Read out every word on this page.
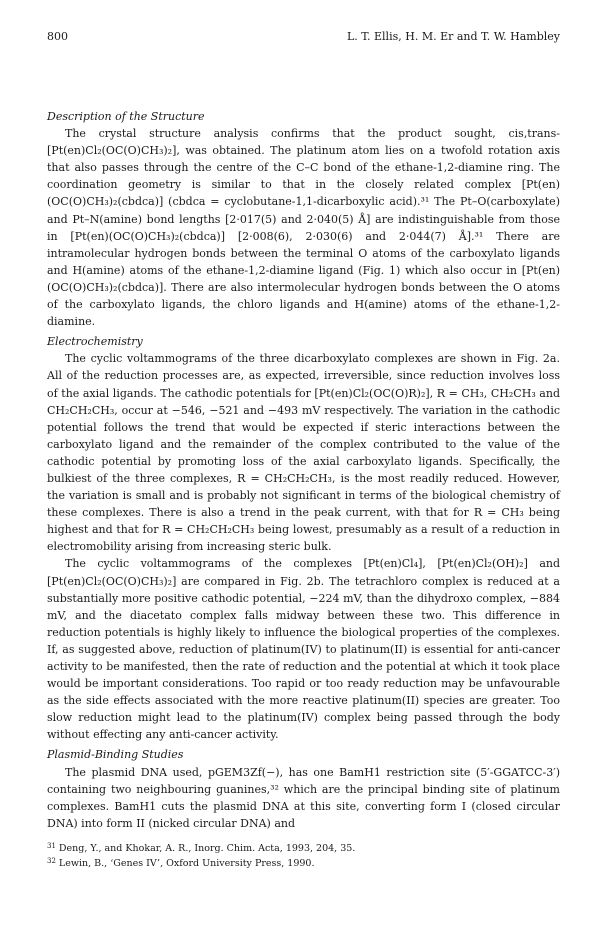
800	L. T. Ellis, H. M. Er and T. W. Hambley
Description of the Structure

The crystal structure analysis confirms that the product sought, cis,trans-[Pt(en)Cl₂(OC(O)CH₃)₂], was obtained. The platinum atom lies on a twofold rotation axis that also passes through the centre of the C–C bond of the ethane-1,2-diamine ring. The coordination geometry is similar to that in the closely related complex [Pt(en)(OC(O)CH₃)₂(cbdca)] (cbdca = cyclobutane-1,1-dicarboxylic acid).³¹ The Pt–O(carboxylate) and Pt–N(amine) bond lengths [2·017(5) and 2·040(5) Å] are indistinguishable from those in [Pt(en)(OC(O)CH₃)₂(cbdca)] [2·008(6), 2·030(6) and 2·044(7) Å].³¹ There are intramolecular hydrogen bonds between the terminal O atoms of the carboxylato ligands and H(amine) atoms of the ethane-1,2-diamine ligand (Fig. 1) which also occur in [Pt(en)(OC(O)CH₃)₂(cbdca)]. There are also intermolecular hydrogen bonds between the O atoms of the carboxylato ligands, the chloro ligands and H(amine) atoms of the ethane-1,2-diamine.

Electrochemistry

The cyclic voltammograms of the three dicarboxylato complexes are shown in Fig. 2a. All of the reduction processes are, as expected, irreversible, since reduction involves loss of the axial ligands. The cathodic potentials for [Pt(en)Cl₂(OC(O)R)₂], R = CH₃, CH₂CH₃ and CH₂CH₂CH₃, occur at −546, −521 and −493 mV respectively. The variation in the cathodic potential follows the trend that would be expected if steric interactions between the carboxylato ligand and the remainder of the complex contributed to the value of the cathodic potential by promoting loss of the axial carboxylato ligands. Specifically, the bulkiest of the three complexes, R = CH₂CH₂CH₃, is the most readily reduced. However, the variation is small and is probably not significant in terms of the biological chemistry of these complexes. There is also a trend in the peak current, with that for R = CH₃ being highest and that for R = CH₂CH₂CH₃ being lowest, presumably as a result of a reduction in electromobility arising from increasing steric bulk.

The cyclic voltammograms of the complexes [Pt(en)Cl₄], [Pt(en)Cl₂(OH)₂] and [Pt(en)Cl₂(OC(O)CH₃)₂] are compared in Fig. 2b. The tetrachloro complex is reduced at a substantially more positive cathodic potential, −224 mV, than the dihydroxo complex, −884 mV, and the diacetato complex falls midway between these two. This difference in reduction potentials is highly likely to influence the biological properties of the complexes. If, as suggested above, reduction of platinum(IV) to platinum(II) is essential for anti-cancer activity to be manifested, then the rate of reduction and the potential at which it took place would be important considerations. Too rapid or too ready reduction may be unfavourable as the side effects associated with the more reactive platinum(II) species are greater. Too slow reduction might lead to the platinum(IV) complex being passed through the body without effecting any anti-cancer activity.

Plasmid-Binding Studies

The plasmid DNA used, pGEM3Zf(−), has one BamH1 restriction site (5′-GGATCC-3′) containing two neighbouring guanines,³² which are the principal binding site of platinum complexes. BamH1 cuts the plasmid DNA at this site, converting form I (closed circular DNA) into form II (nicked circular DNA) and

$^{31}$ Deng, Y., and Khokar, A. R., Inorg. Chim. Acta, 1993, 204, 35.
$^{32}$ Lewin, B., ‘Genes IV’, Oxford University Press, 1990.
